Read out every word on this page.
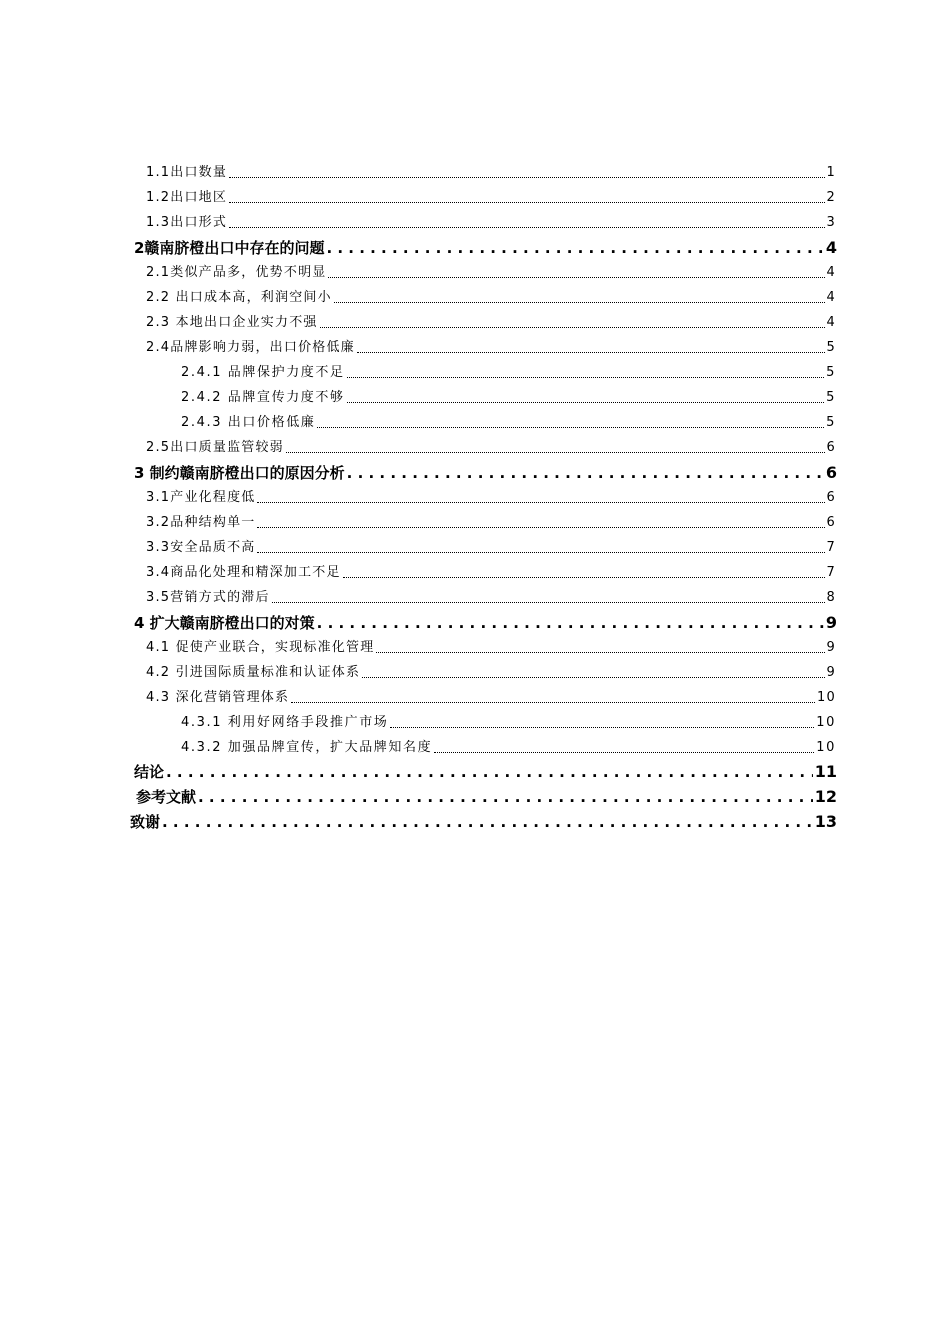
1.1出口数量	1
1.2出口地区	2
1.3出口形式	3
2赣南脐橙出口中存在的问题 . . .	4
2.1类似产品多，优势不明显	4
2.2 出口成本高，利润空间小	4
2.3 本地出口企业实力不强	4
2.4品牌影响力弱，出口价格低廉	5
2.4.1 品牌保护力度不足	5
2.4.2 品牌宣传力度不够	5
2.4.3 出口价格低廉	5
2.5出口质量监管较弱	6
3 制约赣南脐橙出口的原因分析 . . .	6
3.1产业化程度低	6
3.2品种结构单一	6
3.3安全品质不高	7
3.4商品化处理和精深加工不足	7
3.5营销方式的滞后	8
4 扩大赣南脐橙出口的对策 . . .	9
4.1 促使产业联合，实现标准化管理	9
4.2 引进国际质量标准和认证体系	9
4.3 深化营销管理体系	10
4.3.1 利用好网络手段推广市场	10
4.3.2 加强品牌宣传，扩大品牌知名度	10
结论 . . .	11
参考文献 . . .	12
致谢 . . .	13
